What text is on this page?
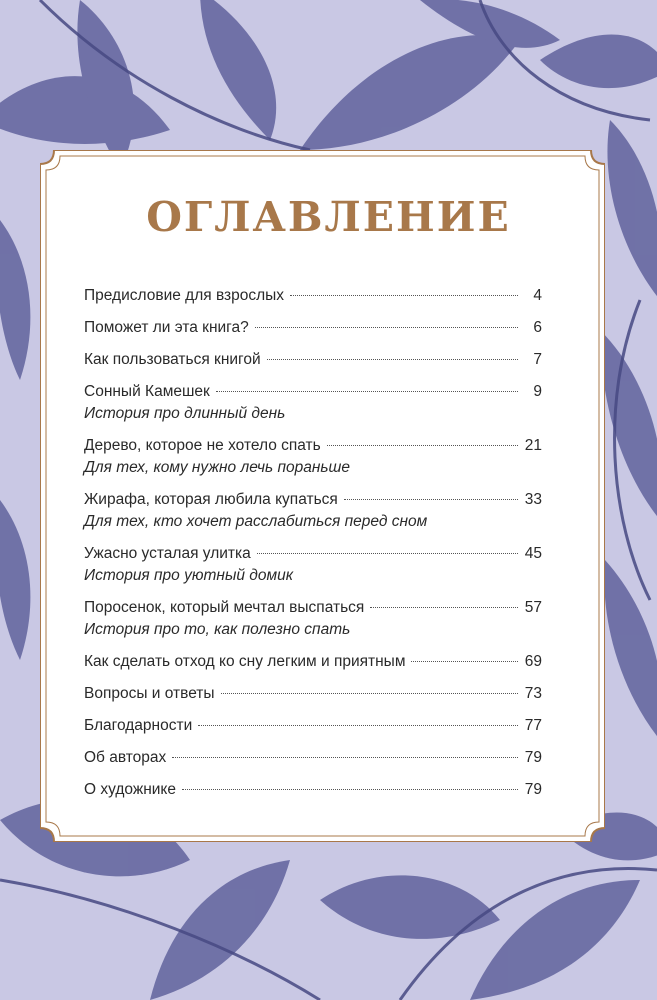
ОГЛАВЛЕНИЕ
Предисловие для взрослых	4
Поможет ли эта книга?	6
Как пользоваться книгой	7
Сонный Камешек	9
История про длинный день
Дерево, которое не хотело спать	21
Для тех, кому нужно лечь пораньше
Жирафа, которая любила купаться	33
Для тех, кто хочет расслабиться перед сном
Ужасно усталая улитка	45
История про уютный домик
Поросенок, который мечтал выспаться	57
История про то, как полезно спать
Как сделать отход ко сну легким и приятным	69
Вопросы и ответы	73
Благодарности	77
Об авторах	79
О художнике	79
